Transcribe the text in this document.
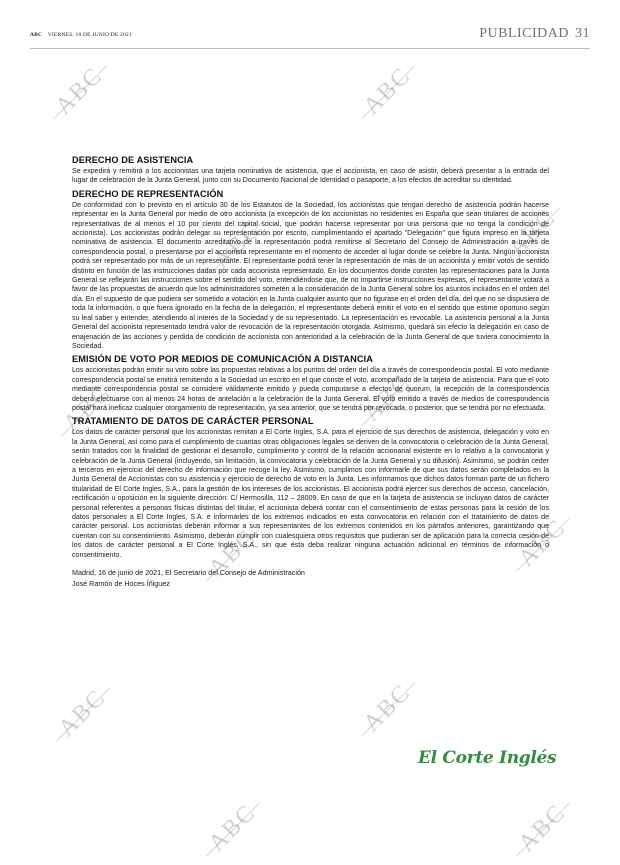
ABC VIERNES, 18 DE JUNIO DE 2021	PUBLICIDAD 31
ABC	ABC
ABC	ABC
ABC	ABC
ABC	ABC
ABC	ABC
ABC	ABC
DERECHO DE ASISTENCIA

Se expedirá y remitirá a los accionistas una tarjeta nominativa de asistencia, que el accionista, en caso de asistir, deberá presentar a la entrada del lugar de celebración de la Junta General, junto con su Documento Nacional de Identidad o pasaporte, a los efectos de acreditar su identidad.

DERECHO DE REPRESENTACIÓN

De conformidad con lo previsto en el artículo 30 de los Estatutos de la Sociedad, los accionistas que tengan derecho de asistencia podrán hacerse representar en la Junta General por medio de otro accionista (a excepción de los accionistas no residentes en España que sean titulares de acciones representativas de al menos el 10 por ciento del capital social, que podrán hacerse representar por una persona que no tenga la condición de accionista). Los accionistas podrán delegar su representación por escrito, cumplimentando el apartado "Delegación" que figura impreso en la tarjeta nominativa de asistencia. El documento acreditativo de la representación podrá remitirse al Secretario del Consejo de Administración a través de correspondencia postal, o presentarse por el accionista representante en el momento de acceder al lugar donde se celebre la Junta. Ningún accionista podrá ser representado por más de un representante. El representante podrá tener la representación de más de un accionista y emitir votos de sentido distinto en función de las instrucciones dadas por cada accionista representado. En los documentos donde consten las representaciones para la Junta General se reflejarán las instrucciones sobre el sentido del voto, entendiéndose que, de no impartirse instrucciones expresas, el representante votará a favor de las propuestas de acuerdo que los administradores someten a la consideración de la Junta General sobre los asuntos incluidos en el orden del día. En el supuesto de que pudiera ser sometido a votación en la Junta cualquier asunto que no figurase en el orden del día, del que no se dispusiera de toda la información, o que fuera ignorado en la fecha de la delegación, el representante deberá emitir el voto en el sentido que estime oportuno según su leal saber y entender, atendiendo al interés de la Sociedad y de su representado. La representación es revocable. La asistencia personal a la Junta General del accionista representado tendrá valor de revocación de la representación otorgada. Asimismo, quedará sin efecto la delegación en caso de enajenación de las acciones y perdida de condición de accionista con anterioridad a la celebración de la Junta General de que tuviera conocimiento la Sociedad.

EMISIÓN DE VOTO POR MEDIOS DE COMUNICACIÓN A DISTANCIA

Los accionistas podrán emitir su voto sobre las propuestas relativas a los puntos del orden del día a través de correspondencia postal. El voto mediante correspondencia postal se emitirá remitiendo a la Sociedad un escrito en el que conste el voto, acompañado de la tarjeta de asistencia. Para que el voto mediante correspondencia postal se considere válidamente emitido y pueda computarse a efectos de quorum, la recepción de la correspondencia deberá efectuarse con al menos 24 horas de antelación a la celebración de la Junta General. El voto emitido a través de medios de correspondencia postal hará ineficaz cualquier otorgamiento de representación, ya sea anterior, que se tendrá por revocada, o posterior, que se tendrá por no efectuada.

TRATAMIENTO DE DATOS DE CARÁCTER PERSONAL

Los datos de carácter personal que los accionistas remitan a El Corte Ingles, S.A. para el ejercicio de sus derechos de asistencia, delegación y voto en la Junta General, así como para el cumplimiento de cuantas otras obligaciones legales se deriven de la convocatoria o celebración de la Junta General, serán tratados con la finalidad de gestionar el desarrollo, cumplimiento y control de la relación accionarial existente en lo relativo a la convocatoria y celebración de la Junta General (incluyendo, sin limitación, la convocatoria y celebración de la Junta General y su difusión). Asimismo, se podrán ceder a terceros en ejercicio del derecho de información que recoge la ley. Asimismo, cumplimos con informarle de que sus datos serán completados en la Junta General de Accionistas con su asistencia y ejercicio de derecho de voto en la Junta. Les informamos que dichos datos forman parte de un fichero titularidad de El Corte Ingles, S.A., para la gestión de los intereses de los accionistas. El accionista podrá ejercer sus derechos de acceso, cancelación, rectificación u oposición en la siguiente dirección: C/ Hermosilla, 112 – 28009. En caso de que en la tarjeta de asistencia se incluyan datos de carácter personal referentes a personas físicas distintas del titular, el accionista deberá contar con el consentimiento de estas personas para la cesión de los datos personales a El Corte Ingles, S.A. e informarles de los extremos indicados en esta convocatoria en relación con el tratamiento de datos de carácter personal. Los accionistas deberán informar a sus representantes de los extremos contenidos en los párrafos anteriores, garantizando que cuentan con su consentimiento. Asimismo, deberán cumplir con cualesquiera otros requisitos que pudieran ser de aplicación para la correcta cesión de los datos de carácter personal a El Corte Inglés, S.A., sin que ésta deba realizar ninguna actuación adicional en términos de información o consentimiento.

Madrid, 16 de junio de 2021, El Secretario del Consejo de Administración
José Ramón de Hoces Íñiguez
El Corte Inglés
